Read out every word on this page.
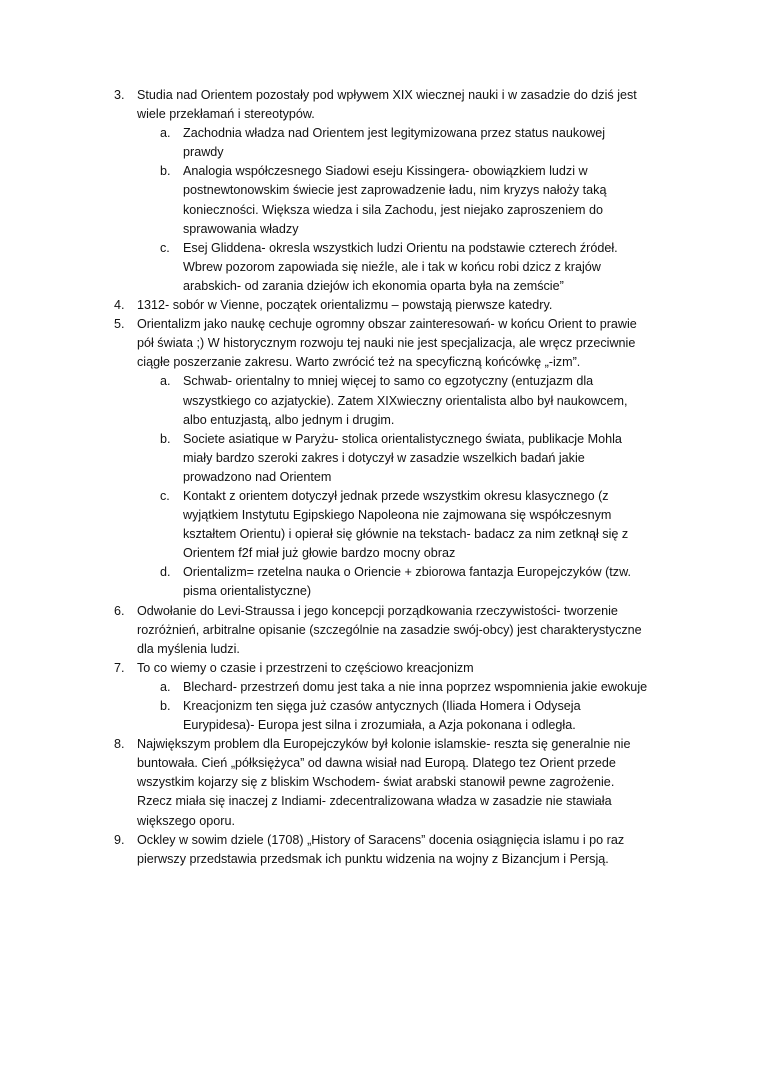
3. Studia nad Orientem pozostały pod wpływem XIX wiecznej nauki i w zasadzie do dziś jest wiele przekłamań i stereotypów.
a. Zachodnia władza nad Orientem jest legitymizowana przez status naukowej prawdy
b. Analogia współczesnego Siadowi eseju Kissingera- obowiązkiem ludzi w postnewtonowskim świecie jest zaprowadzenie ładu, nim kryzys nałoży taką konieczności. Większa wiedza i sila Zachodu, jest niejako zaproszeniem do sprawowania władzy
c. Esej Gliddena- okresla wszystkich ludzi Orientu na podstawie czterech źródeł. Wbrew pozorom zapowiada się nieźle, ale i tak w końcu robi dzicz z krajów arabskich- od zarania dziejów ich ekonomia oparta była na zemście”
4. 1312- sobór w Vienne, początek orientalizmu – powstają pierwsze katedry.
5. Orientalizm jako naukę cechuje ogromny obszar zainteresowań- w końcu Orient to prawie pół świata ;) W historycznym rozwoju tej nauki nie jest specjalizacja, ale wręcz przeciwnie ciągłe poszerzanie zakresu. Warto zwrócić też na specyficzną końcówkę „-izm”.
a. Schwab- orientalny to mniej więcej to samo co egzotyczny (entuzjazm dla wszystkiego co azjatyckie). Zatem XIXwieczny orientalista albo był naukowcem, albo entuzjastą, albo jednym i drugim.
b. Societe asiatique w Paryżu- stolica orientalistycznego świata, publikacje Mohla miały bardzo szeroki zakres i dotyczył w zasadzie wszelkich badań jakie prowadzono nad Orientem
c. Kontakt z orientem dotyczył jednak przede wszystkim okresu klasycznego (z wyjątkiem Instytutu Egipskiego Napoleona nie zajmowana się współczesnym kształtem Orientu) i opierał się głównie na tekstach- badacz za nim zetknął się z Orientem f2f miał już głowie bardzo mocny obraz
d. Orientalizm= rzetelna nauka o Oriencie + zbiorowa fantazja Europejczyków (tzw. pisma orientalistyczne)
6. Odwołanie do Levi-Straussa i jego koncepcji porządkowania rzeczywistości- tworzenie rozróżnień, arbitralne opisanie (szczególnie na zasadzie swój-obcy) jest charakterystyczne dla myślenia ludzi.
7. To co wiemy o czasie i przestrzeni to częściowo kreacjonizm
a. Blechard- przestrzeń domu jest taka a nie inna poprzez wspomnienia jakie ewokuje
b. Kreacjonizm ten sięga już czasów antycznych (Iliada Homera i Odyseja Eurypidesa)- Europa jest silna i zrozumiała, a Azja pokonana i odległa.
8. Największym problem dla Europejczyków był kolonie islamskie- reszta się generalnie nie buntowała. Cień „półksiężyca” od dawna wisiał nad Europą. Dlatego tez Orient przede wszystkim kojarzy się z bliskim Wschodem- świat arabski stanowił pewne zagrożenie. Rzecz miała się inaczej z Indiami- zdecentralizowana władza w zasadzie nie stawiała większego oporu.
9. Ockley w sowim dziele (1708) „History of Saracens” docenia osiągnięcia islamu i po raz pierwszy przedstawia przedsmak ich punktu widzenia na wojny z Bizancjum i Persją.
